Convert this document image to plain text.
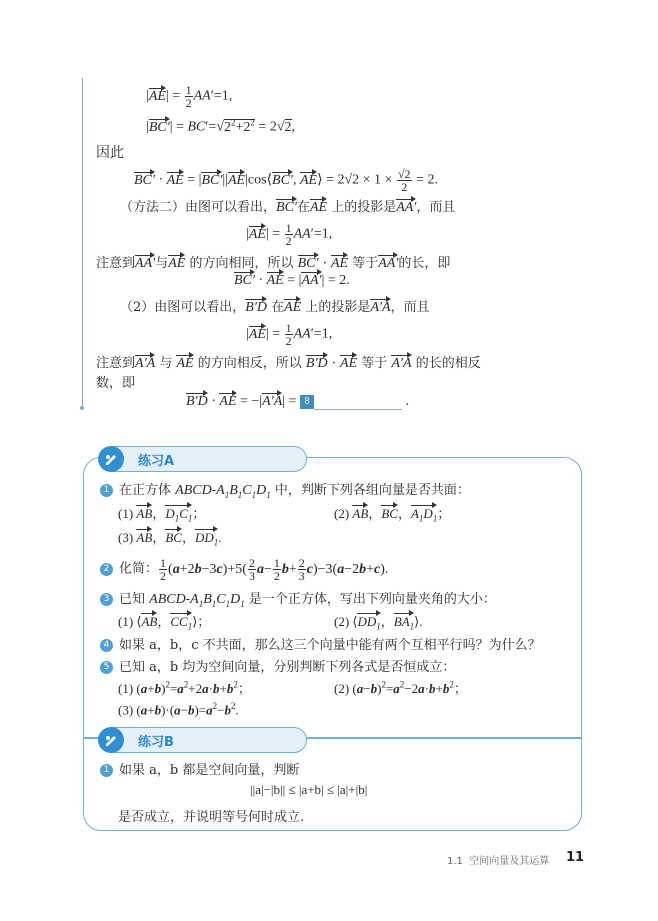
$|AE| = \frac{1}{2} AA'=1$,
$|BC'| = BC'=√2^2+2^2 = 2√2$,
因此
BC′ · AE = |BC′||AE|cos⟨BC′, AE⟩ = $2√2 \times 1 \times \frac{√2}{2} = 2$.
（方法二）由图可以看出，BC′在AE 上的投影是AA′，而且
$|AE| = \frac{1}{2} AA'=1$,
注意到AA′与AE 的方向相同，所以 BC′ · AE 等于AA′的长，即
BC′ · AE = |AA′| = 2.
（2）由图可以看出，B′D 在AE 上的投影是A′A，而且
$|AE| = \frac{1}{2} AA'=1$,
注意到A′A 与 AE 的方向相反，所以 B′D · AE 等于 A′A 的长的相反
数，即
B′D · AE = −|A′A| = 8	.
练习A
1 在正方体 ABCD-$A_1B_1C_1D_1$ 中，判断下列各组向量是否共面：
(1) AB，$D_1C_1$；	(2) AB，BC，$A_1D_1$；
(3) AB，BC，$DD_1$.
2 化简： $\frac{1}{2} (a+2b-3c)+5( \frac{2}{3} a- \frac{1}{2} b+ \frac{2}{3} c)-3(a-2b+c)$.
3 已知 ABCD-$A_1B_1C_1D_1$ 是一个正方体，写出下列向量夹角的大小：
(1) ⟨AB，$CC_1⟩$；	(2) $⟨DD_1$，$BA_1⟩$.
4 如果 a，b，c 不共面，那么这三个向量中能有两个互相平行吗？为什么？
5 已知 a，b 均为空间向量，分别判断下列各式是否恒成立：
(1) $(a+b)^2=a^2+2a\cdot b+b^2$；	(2) $(a-b)^2=a^2-2a\cdot b+b^2$；
(3) $(a+b)\cdot(a-b)=a^2-b^2$.
练习B
1 如果 a，b 都是空间向量，判断
||a|−|b|| ≤ |a+b| ≤ |a|+|b|
是否成立，并说明等号何时成立.
1.1 空间向量及其运算 11
